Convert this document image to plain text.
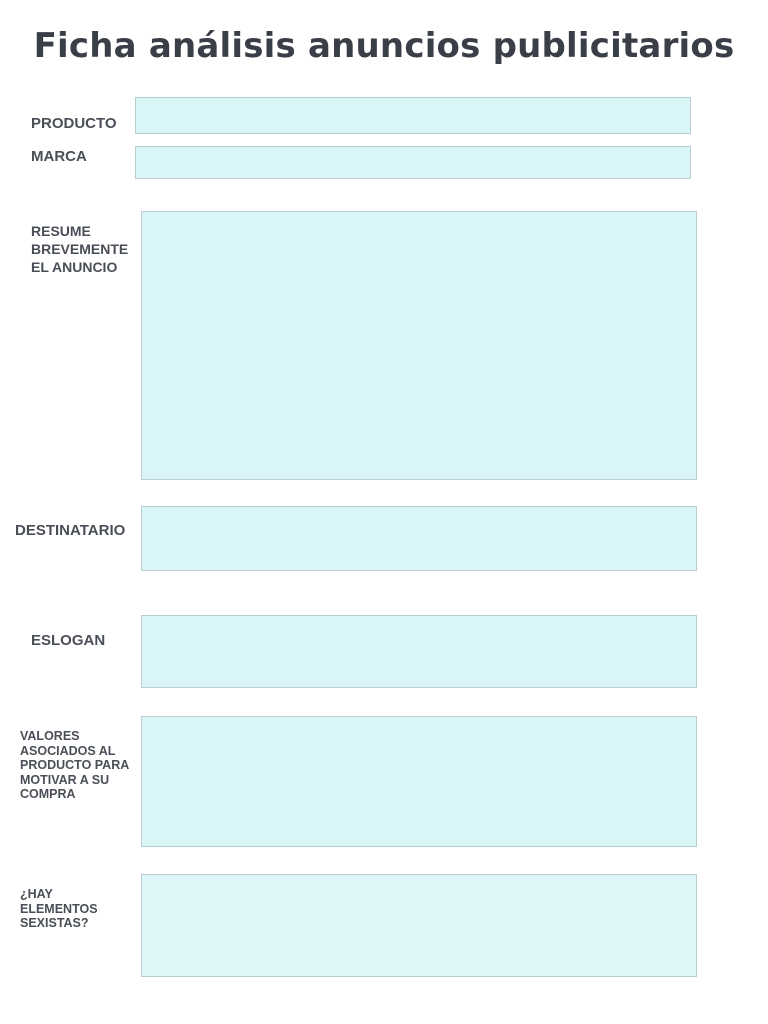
Ficha análisis anuncios publicitarios
PRODUCTO
MARCA
RESUME
BREVEMENTE
EL ANUNCIO
DESTINATARIO
ESLOGAN
VALORES
ASOCIADOS AL
PRODUCTO PARA
MOTIVAR A SU
COMPRA
¿HAY
ELEMENTOS
SEXISTAS?
